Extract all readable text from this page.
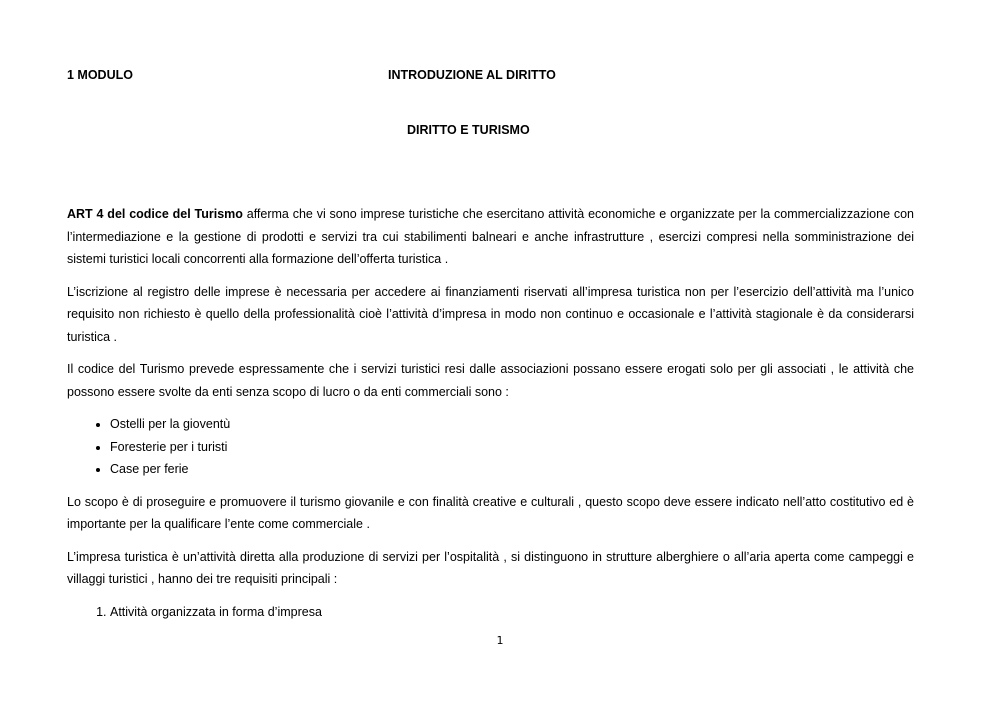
1 MODULO	INTRODUZIONE AL DIRITTO
DIRITTO E TURISMO

ART 4 del codice del Turismo afferma che vi sono imprese turistiche che esercitano attività economiche e organizzate per la commercializzazione con l’intermediazione e la gestione di prodotti e servizi tra cui stabilimenti balneari e anche infrastrutture , esercizi compresi nella somministrazione dei sistemi turistici locali concorrenti alla formazione dell’offerta turistica .

L’iscrizione al registro delle imprese è necessaria per accedere ai finanziamenti riservati all’impresa turistica non per l’esercizio dell’attività ma l’unico requisito non richiesto è quello della professionalità cioè l’attività d’impresa in modo non continuo e occasionale e l’attività stagionale è da considerarsi turistica .

Il codice del Turismo prevede espressamente che i servizi turistici resi dalle associazioni possano essere erogati solo per gli associati , le attività che possono essere svolte da enti senza scopo di lucro o da enti commerciali sono :

• Ostelli per la gioventù
• Foresterie per i turisti
• Case per ferie

Lo scopo è di proseguire e promuovere il turismo giovanile e con finalità creative e culturali , questo scopo deve essere indicato nell’atto costitutivo ed è importante per la qualificare l’ente come commerciale .

L’impresa turistica è un’attività diretta alla produzione di servizi per l’ospitalità , si distinguono in strutture alberghiere o all’aria aperta come campeggi e villaggi turistici , hanno dei tre requisiti principali :

1. Attività organizzata in forma d’impresa
1
